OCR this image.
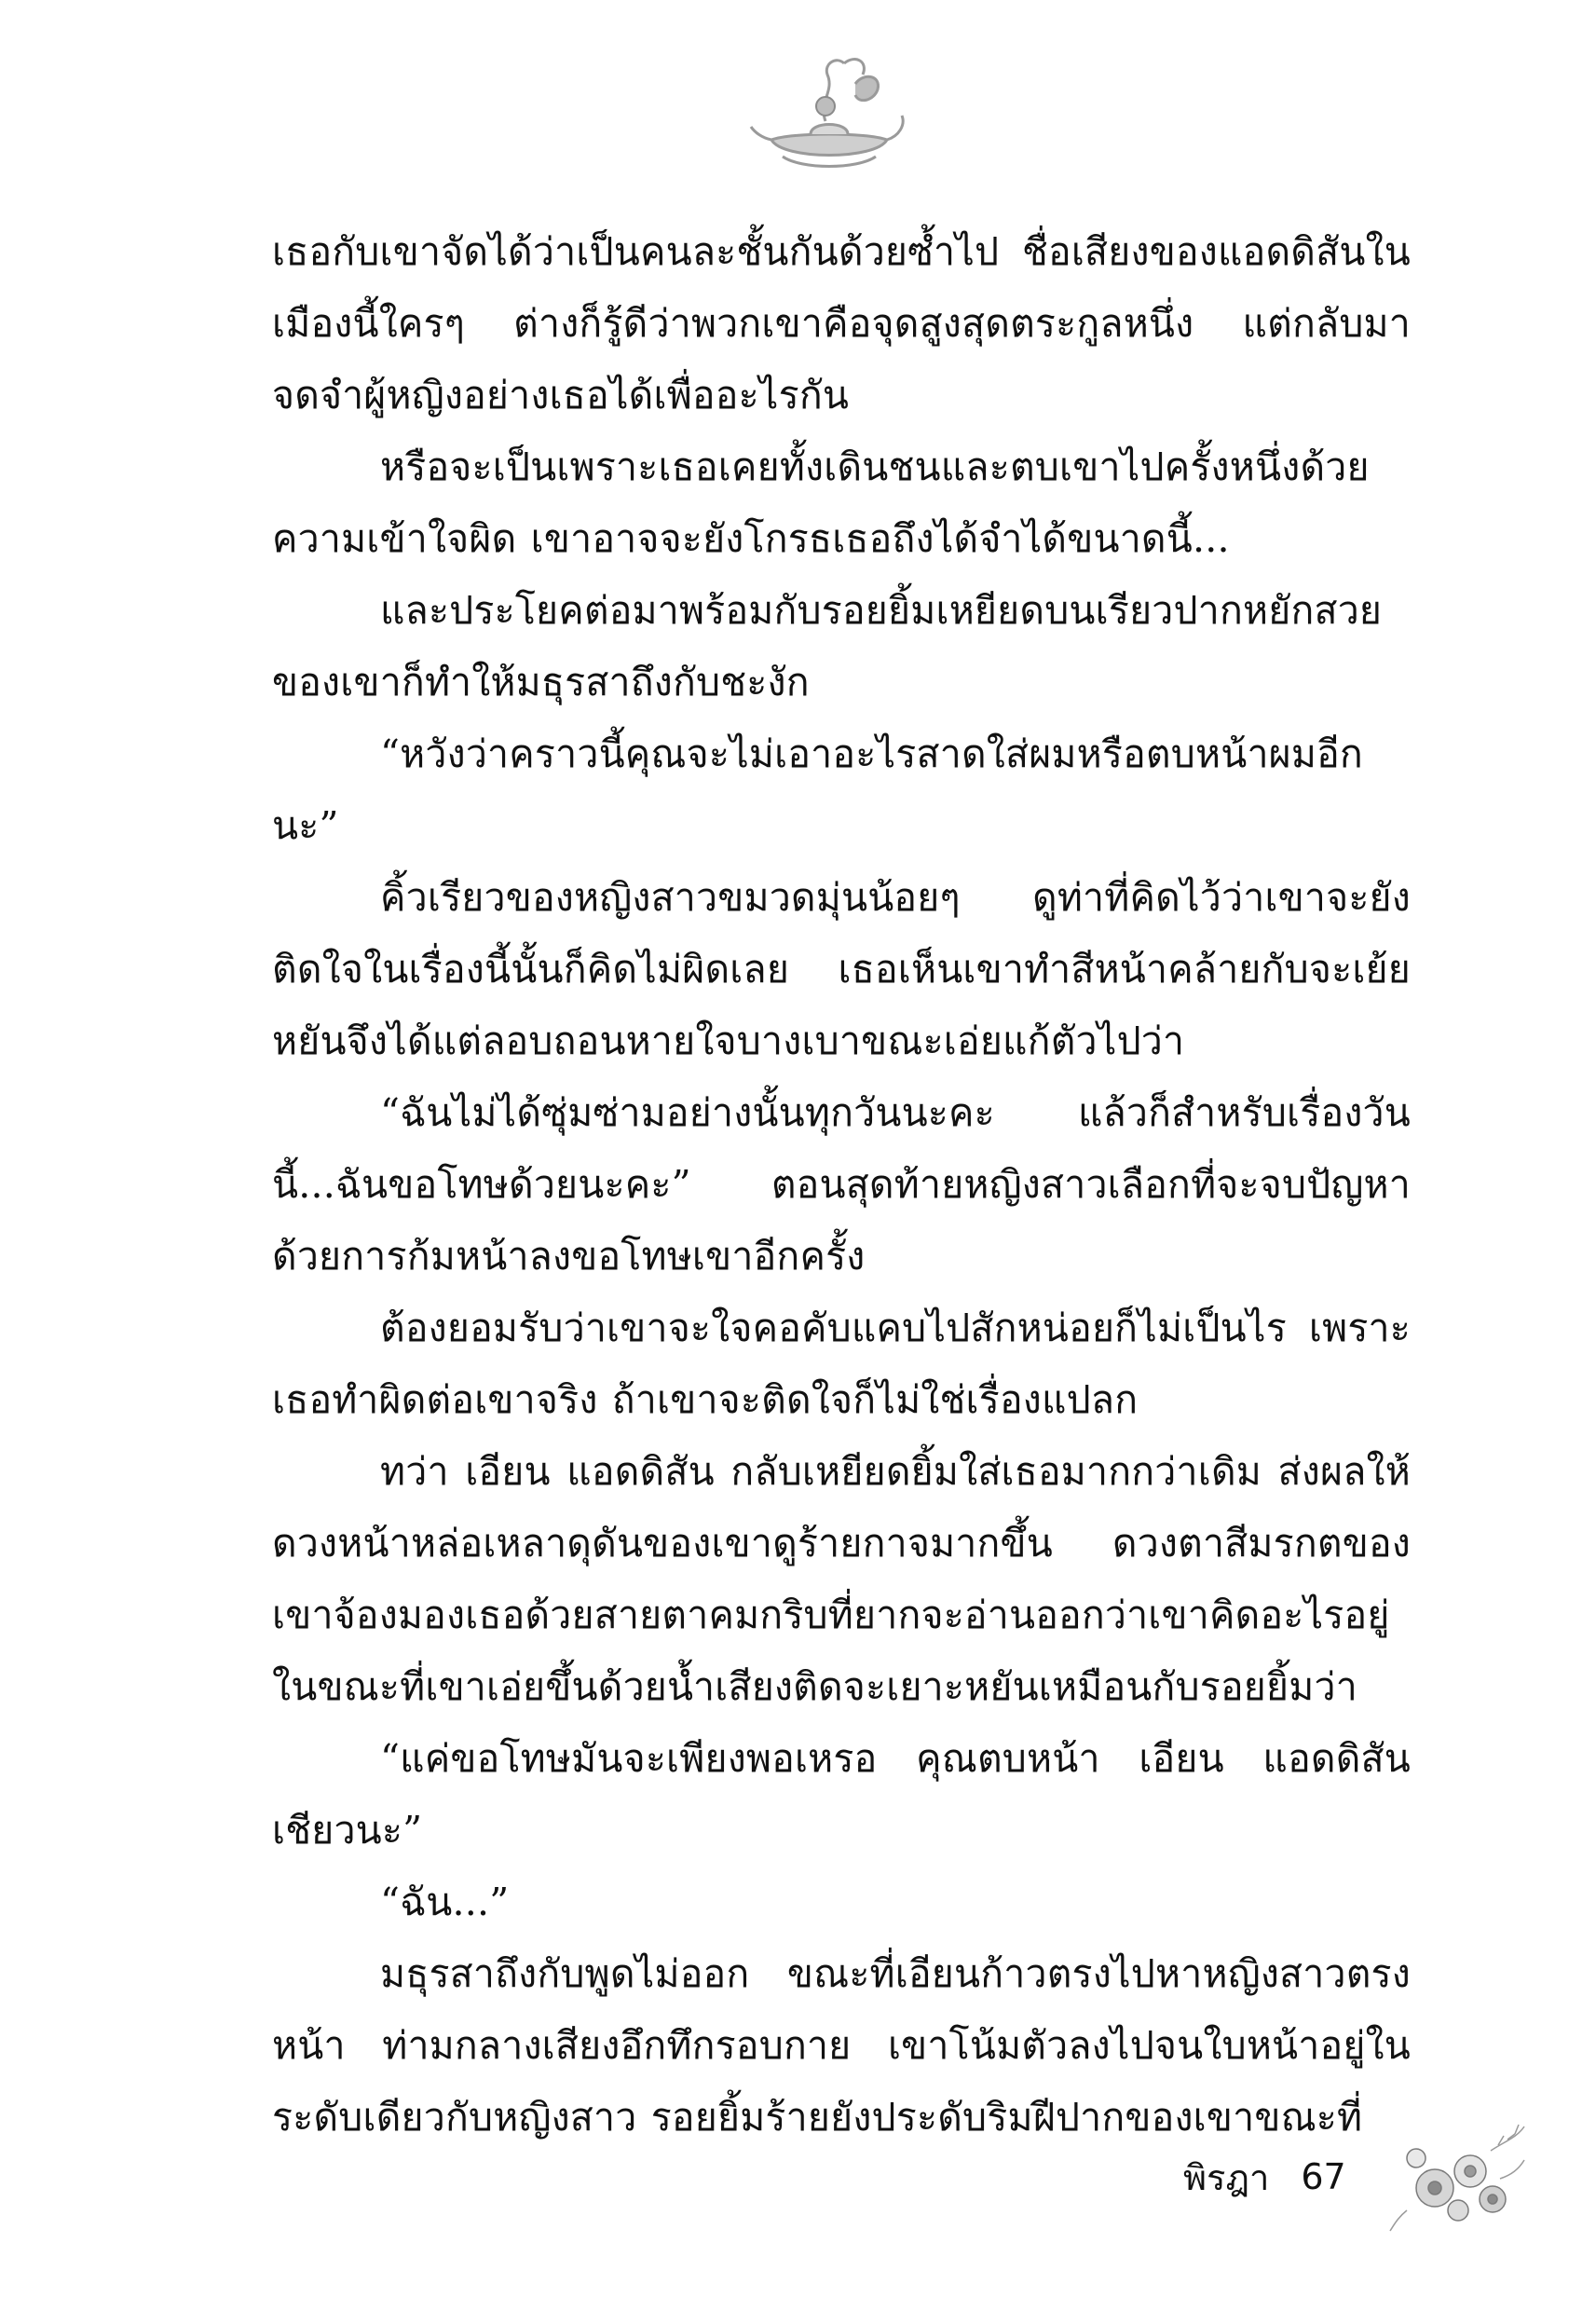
เธอกับเขาจัดได้ว่าเป็นคนละชั้นกันด้วยซ้ำไป ชื่อเสียงของแอดดิสันในเมืองนี้ใครๆ ต่างก็รู้ดีว่าพวกเขาคือจุดสูงสุดตระกูลหนึ่ง แต่กลับมาจดจำผู้หญิงอย่างเธอได้เพื่ออะไรกัน

หรือจะเป็นเพราะเธอเคยทั้งเดินชนและตบเขาไปครั้งหนึ่งด้วยความเข้าใจผิด เขาอาจจะยังโกรธเธอถึงได้จำได้ขนาดนี้...

และประโยคต่อมาพร้อมกับรอยยิ้มเหยียดบนเรียวปากหยักสวยของเขาก็ทำให้มธุรสาถึงกับชะงัก

“หวังว่าคราวนี้คุณจะไม่เอาอะไรสาดใส่ผมหรือตบหน้าผมอีกนะ”

คิ้วเรียวของหญิงสาวขมวดมุ่นน้อยๆ ดูท่าที่คิดไว้ว่าเขาจะยังติดใจในเรื่องนี้นั้นก็คิดไม่ผิดเลย เธอเห็นเขาทำสีหน้าคล้ายกับจะเย้ยหยันจึงได้แต่ลอบถอนหายใจบางเบาขณะเอ่ยแก้ตัวไปว่า

“ฉันไม่ได้ซุ่มซ่ามอย่างนั้นทุกวันนะคะ แล้วก็สำหรับเรื่องวันนี้...ฉันขอโทษด้วยนะคะ” ตอนสุดท้ายหญิงสาวเลือกที่จะจบปัญหาด้วยการก้มหน้าลงขอโทษเขาอีกครั้ง

ต้องยอมรับว่าเขาจะใจคอคับแคบไปสักหน่อยก็ไม่เป็นไร เพราะเธอทำผิดต่อเขาจริง ถ้าเขาจะติดใจก็ไม่ใช่เรื่องแปลก

ทว่า เอียน แอดดิสัน กลับเหยียดยิ้มใส่เธอมากกว่าเดิม ส่งผลให้ดวงหน้าหล่อเหลาดุดันของเขาดูร้ายกาจมากขึ้น ดวงตาสีมรกตของเขาจ้องมองเธอด้วยสายตาคมกริบที่ยากจะอ่านออกว่าเขาคิดอะไรอยู่ในขณะที่เขาเอ่ยขึ้นด้วยน้ำเสียงติดจะเยาะหยันเหมือนกับรอยยิ้มว่า

“แค่ขอโทษมันจะเพียงพอเหรอ คุณตบหน้า เอียน แอดดิสัน เชียวนะ”

“ฉัน...”

มธุรสาถึงกับพูดไม่ออก ขณะที่เอียนก้าวตรงไปหาหญิงสาวตรงหน้า ท่ามกลางเสียงอึกทึกรอบกาย เขาโน้มตัวลงไปจนใบหน้าอยู่ในระดับเดียวกับหญิงสาว รอยยิ้มร้ายยังประดับริมฝีปากของเขาขณะที่

พิรฎา 67
